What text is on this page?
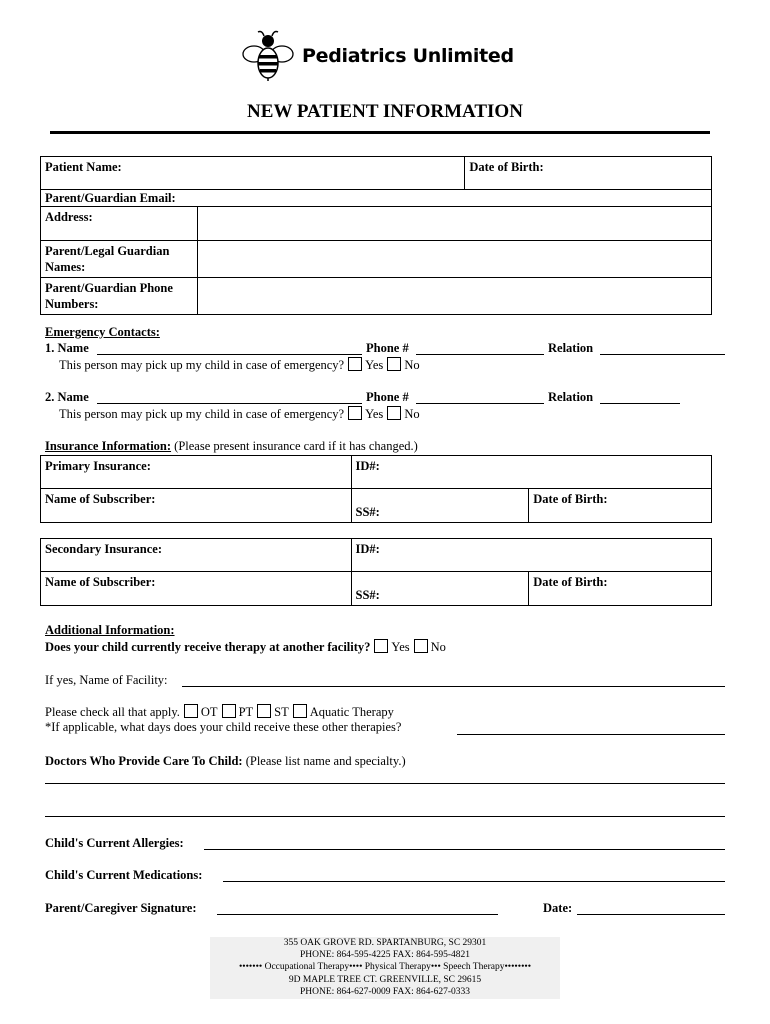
Pediatrics Unlimited
NEW PATIENT INFORMATION
Patient Name:	Date of Birth:
Parent/Guardian Email:
Address:	
Parent/Legal Guardian Names:	
Parent/Guardian Phone Numbers:	
Emergency Contacts:
1. Name	Phone #	Relation
This person may pick up my child in case of emergency? Yes No
2. Name	Phone #	Relation
This person may pick up my child in case of emergency? Yes No
Insurance Information: (Please present insurance card if it has changed.)
Primary Insurance:	ID#:	
Name of Subscriber:	SS#:	Date of Birth:
Secondary Insurance:	ID#:	
Name of Subscriber:	SS#:	Date of Birth:
Additional Information:
Does your child currently receive therapy at another facility? Yes No
If yes, Name of Facility:
Please check all that apply. OT PT ST Aquatic Therapy
*If applicable, what days does your child receive these other therapies?
Doctors Who Provide Care To Child: (Please list name and specialty.)
Child's Current Allergies:
Child's Current Medications:
Parent/Caregiver Signature:	Date:
355 OAK GROVE RD. SPARTANBURG, SC 29301
PHONE: 864-595-4225 FAX: 864-595-4821
••••••• Occupational Therapy•••• Physical Therapy••• Speech Therapy••••••••
9D MAPLE TREE CT. GREENVILLE, SC 29615
PHONE: 864-627-0009 FAX: 864-627-0333
